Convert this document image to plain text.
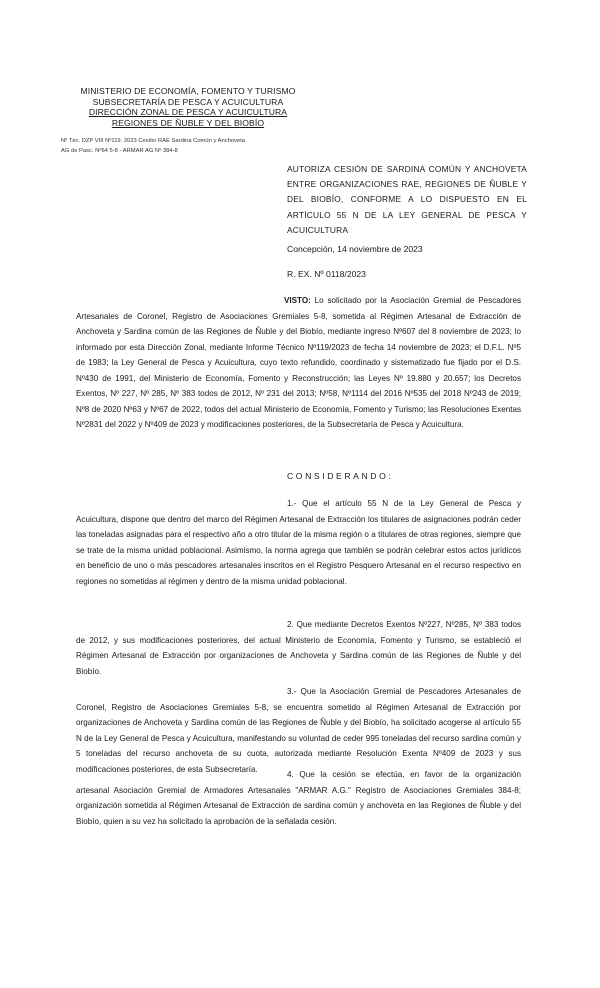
MINISTERIO DE ECONOMÍA, FOMENTO Y TURISMO
SUBSECRETARÍA DE PESCA Y ACUICULTURA
DIRECCIÓN ZONAL DE PESCA Y ACUICULTURA
REGIONES DE ÑUBLE Y DEL BIOBÍO
Nº Téc. DZP VIII Nº119. 2023 Cesión RAE Sardina Común y Anchoveta
AG de Pasc. Nº64 5-8 - ARMAR AG Nº 384-8
AUTORIZA CESIÓN DE SARDINA COMÚN Y ANCHOVETA ENTRE ORGANIZACIONES RAE, REGIONES DE ÑUBLE Y DEL BIOBÍO, CONFORME A LO DISPUESTO EN EL ARTÍCULO 55 N DE LA LEY GENERAL DE PESCA Y ACUICULTURA
Concepción, 14 noviembre de 2023
R. EX. Nº 0118/2023

VISTO: Lo solicitado por la Asociación Gremial de Pescadores Artesanales de Coronel, Registro de Asociaciones Gremiales 5-8, sometida al Régimen Artesanal de Extracción de Anchoveta y Sardina común de las Regiones de Ñuble y del Biobío, mediante ingreso Nº607 del 8 noviembre de 2023; lo informado por esta Dirección Zonal, mediante Informe Técnico Nº119/2023 de fecha 14 noviembre de 2023; el D.F.L. Nº5 de 1983; la Ley General de Pesca y Acuicultura, cuyo texto refundido, coordinado y sistematizado fue fijado por el D.S. Nº430 de 1991, del Ministerio de Economía, Fomento y Reconstrucción; las Leyes Nº 19.880 y 20.657; los Decretos Exentos, Nº 227, Nº 285, Nº 383 todos de 2012, Nº 231 del 2013; Nº58, Nº1114 del 2016 Nº535 del 2018 Nº243 de 2019; Nº8 de 2020 Nº63 y Nº67 de 2022, todos del actual Ministerio de Economía, Fomento y Turismo; las Resoluciones Exentas Nº2831 del 2022 y Nº409 de 2023 y modificaciones posteriores, de la Subsecretaría de Pesca y Acuicultura.

CONSIDERANDO:

1.- Que el artículo 55 N de la Ley General de Pesca y Acuicultura, dispone que dentro del marco del Régimen Artesanal de Extracción los titulares de asignaciones podrán ceder las toneladas asignadas para el respectivo año a otro titular de la misma región o a titulares de otras regiones, siempre que se trate de la misma unidad poblacional. Asimismo, la norma agrega que también se podrán celebrar estos actos jurídicos en beneficio de uno o más pescadores artesanales inscritos en el Registro Pesquero Artesanal en el recurso respectivo en regiones no sometidas al régimen y dentro de la misma unidad poblacional.

2. Que mediante Decretos Exentos Nº227, Nº285, Nº 383 todos de 2012, y sus modificaciones posteriores, del actual Ministerio de Economía, Fomento y Turismo, se estableció el Régimen Artesanal de Extracción por organizaciones de Anchoveta y Sardina común de las Regiones de Ñuble y del Biobío.

3.- Que la Asociación Gremial de Pescadores Artesanales de Coronel, Registro de Asociaciones Gremiales 5-8, se encuentra sometido al Régimen Artesanal de Extracción por organizaciones de Anchoveta y Sardina común de las Regiones de Ñuble y del Biobío, ha solicitado acogerse al artículo 55 N de la Ley General de Pesca y Acuicultura, manifestando su voluntad de ceder 995 toneladas del recurso sardina común y 5 toneladas del recurso anchoveta de su cuota, autorizada mediante Resolución Exenta Nº409 de 2023 y sus modificaciones posteriores, de esta Subsecretaría.

4. Que la cesión se efectúa, en favor de la organización artesanal Asociación Gremial de Armadores Artesanales "ARMAR A.G." Registro de Asociaciones Gremiales 384-8; organización sometida al Régimen Artesanal de Extracción de sardina común y anchoveta en las Regiones de Ñuble y del Biobío, quien a su vez ha solicitado la aprobación de la señalada cesión.
